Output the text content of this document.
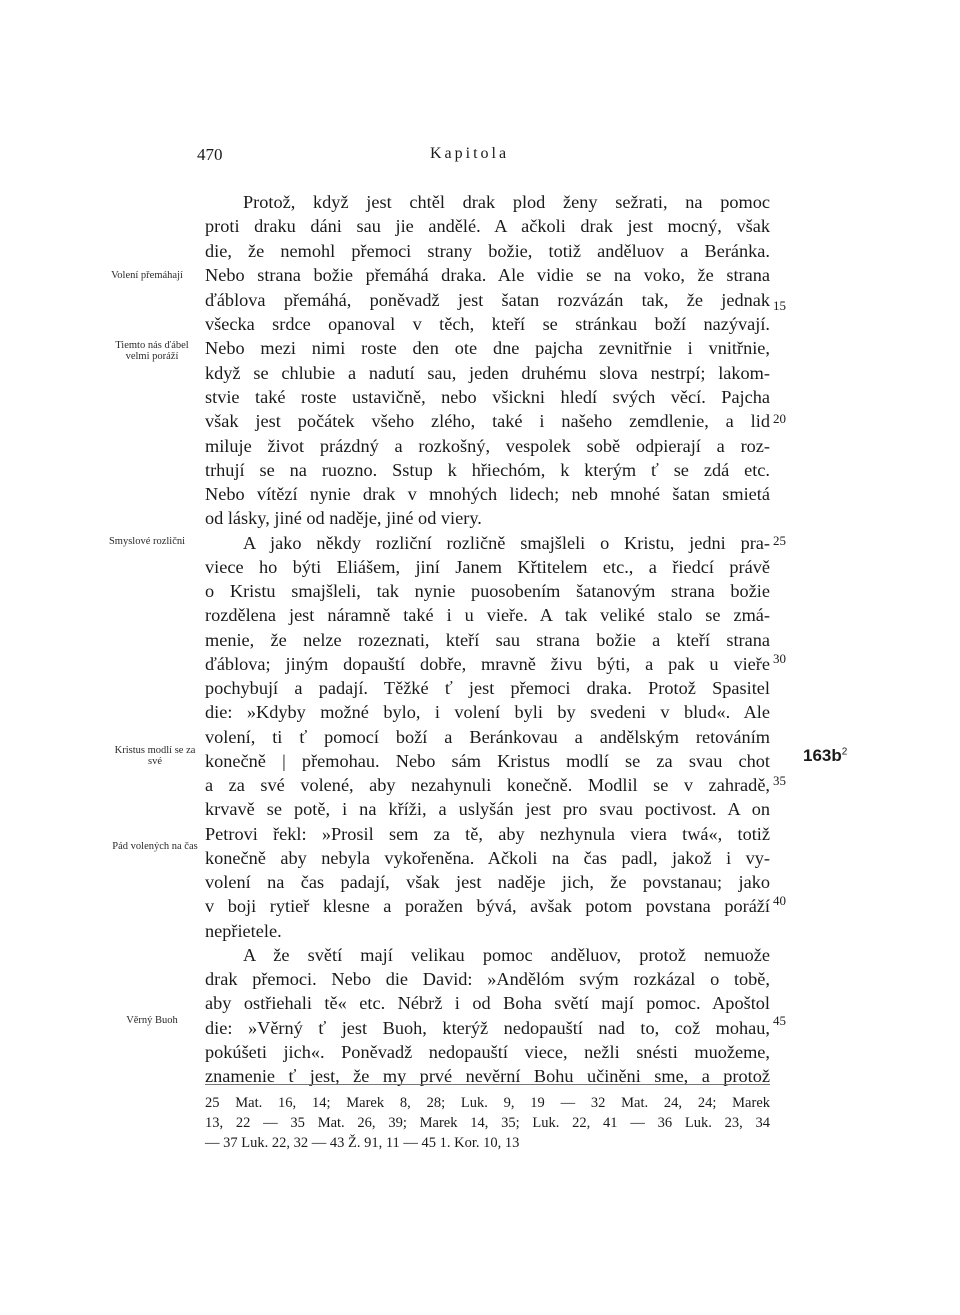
470	Kapitola
Volení přemáhají
Tiemto nás ďábel velmi poráží
Smyslové rozlični
Kristus modlí se za své
Pád volených na čas
Věrný Buoh
$163b^2$
15
20
25
30
35
40
45
Protož, když jest chtěl drak plod ženy sežrati, na pomoc
proti draku dáni sau jie andělé. A ačkoli drak jest mocný, však
die, že nemohl přemoci strany božie, totiž anděluov a Beránka.
Nebo strana božie přemáhá draka. Ale vidie se na voko, že strana
ďáblova přemáhá, poněvadž jest šatan rozvázán tak, že jednak
všecka srdce opanoval v těch, kteří se stránkau boží nazývají.
Nebo mezi nimi roste den ote dne pajcha zevnitřnie i vnitřnie,
když se chlubie a nadutí sau, jeden druhému slova nestrpí; lakom-
stvie také roste ustavičně, nebo všickni hledí svých věcí. Pajcha
však jest počátek všeho zlého, také i našeho zemdlenie, a lid
miluje život prázdný a rozkošný, vespolek sobě odpierají a roz-
trhují se na ruozno. Sstup k hřiechóm, k kterým ť se zdá etc.
Nebo vítězí nynie drak v mnohých lidech; neb mnohé šatan smietá
od lásky, jiné od naděje, jiné od viery.
A jako někdy rozliční rozličně smajšleli o Kristu, jedni pra-
viece ho býti Eliášem, jiní Janem Křtitelem etc., a řiedcí právě
o Kristu smajšleli, tak nynie puosobením šatanovým strana božie
rozdělena jest náramně také i u vieře. A tak veliké stalo se zmá-
menie, že nelze rozeznati, kteří sau strana božie a kteří strana
ďáblova; jiným dopauští dobře, mravně živu býti, a pak u vieře
pochybují a padají. Těžké ť jest přemoci draka. Protož Spasitel
die: »Kdyby možné bylo, i volení byli by svedeni v blud«. Ale
volení, ti ť pomocí boží a Beránkovau a andělským retováním
konečně | přemohau. Nebo sám Kristus modlí se za svau chot
a za své volené, aby nezahynuli konečně. Modlil se v zahradě,
krvavě se potě, i na kříži, a uslyšán jest pro svau poctivost. A on
Petrovi řekl: »Prosil sem za tě, aby nezhynula viera twá«, totiž
konečně aby nebyla vykořeněna. Ačkoli na čas padl, jakož i vy-
volení na čas padají, však jest naděje jich, že povstanau; jako
v boji rytieř klesne a poražen bývá, avšak potom povstana poráží
nepřietele.
A že světí mají velikau pomoc anděluov, protož nemuože
drak přemoci. Nebo die David: »Andělóm svým rozkázal o tobě,
aby ostřiehali tě« etc. Nébrž i od Boha světí mají pomoc. Apoštol
die: »Věrný ť jest Buoh, kterýž nedopauští nad to, což mohau,
pokúšeti jich«. Poněvadž nedopauští viece, nežli snésti muožeme,
znamenie ť jest, že my prvé nevěrní Bohu učiněni sme, a protož
25 Mat. 16, 14; Marek 8, 28; Luk. 9, 19 — 32 Mat. 24, 24; Marek
13, 22 — 35 Mat. 26, 39; Marek 14, 35; Luk. 22, 41 — 36 Luk. 23, 34
— 37 Luk. 22, 32 — 43 Ž. 91, 11 — 45 1. Kor. 10, 13
